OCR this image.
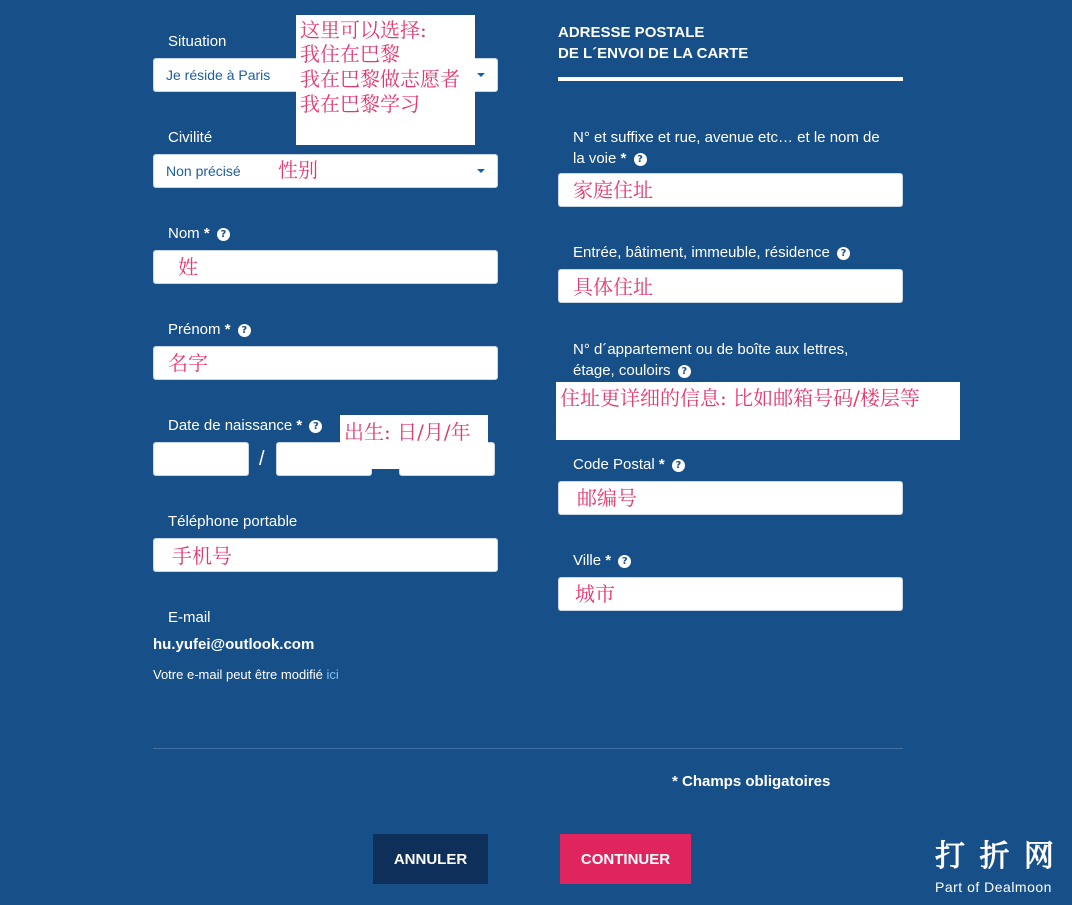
Situation
Je réside à Paris
这里可以选择:
我住在巴黎
我在巴黎做志愿者
我在巴黎学习
Civilité
Non précisé 性别
Nom * ?
姓
Prénom * ?
名字
Date de naissance * ?
/
出生: 日/月/年
Téléphone portable
手机号
E-mail
hu.yufei@outlook.com
Votre e-mail peut être modifié ici
ADRESSE POSTALE
DE L´ENVOI DE LA CARTE
N° et suffixe et rue, avenue etc… et le nom de
la voie * ?
家庭住址
Entrée, bâtiment, immeuble, résidence ?
具体住址
N° d´appartement ou de boîte aux lettres,
étage, couloirs ?
住址更详细的信息: 比如邮箱号码/楼层等
Code Postal * ?
邮编号
Ville * ?
城市
* Champs obligatoires
ANNULER	CONTINUER	打 折 网
Part of Dealmoon
